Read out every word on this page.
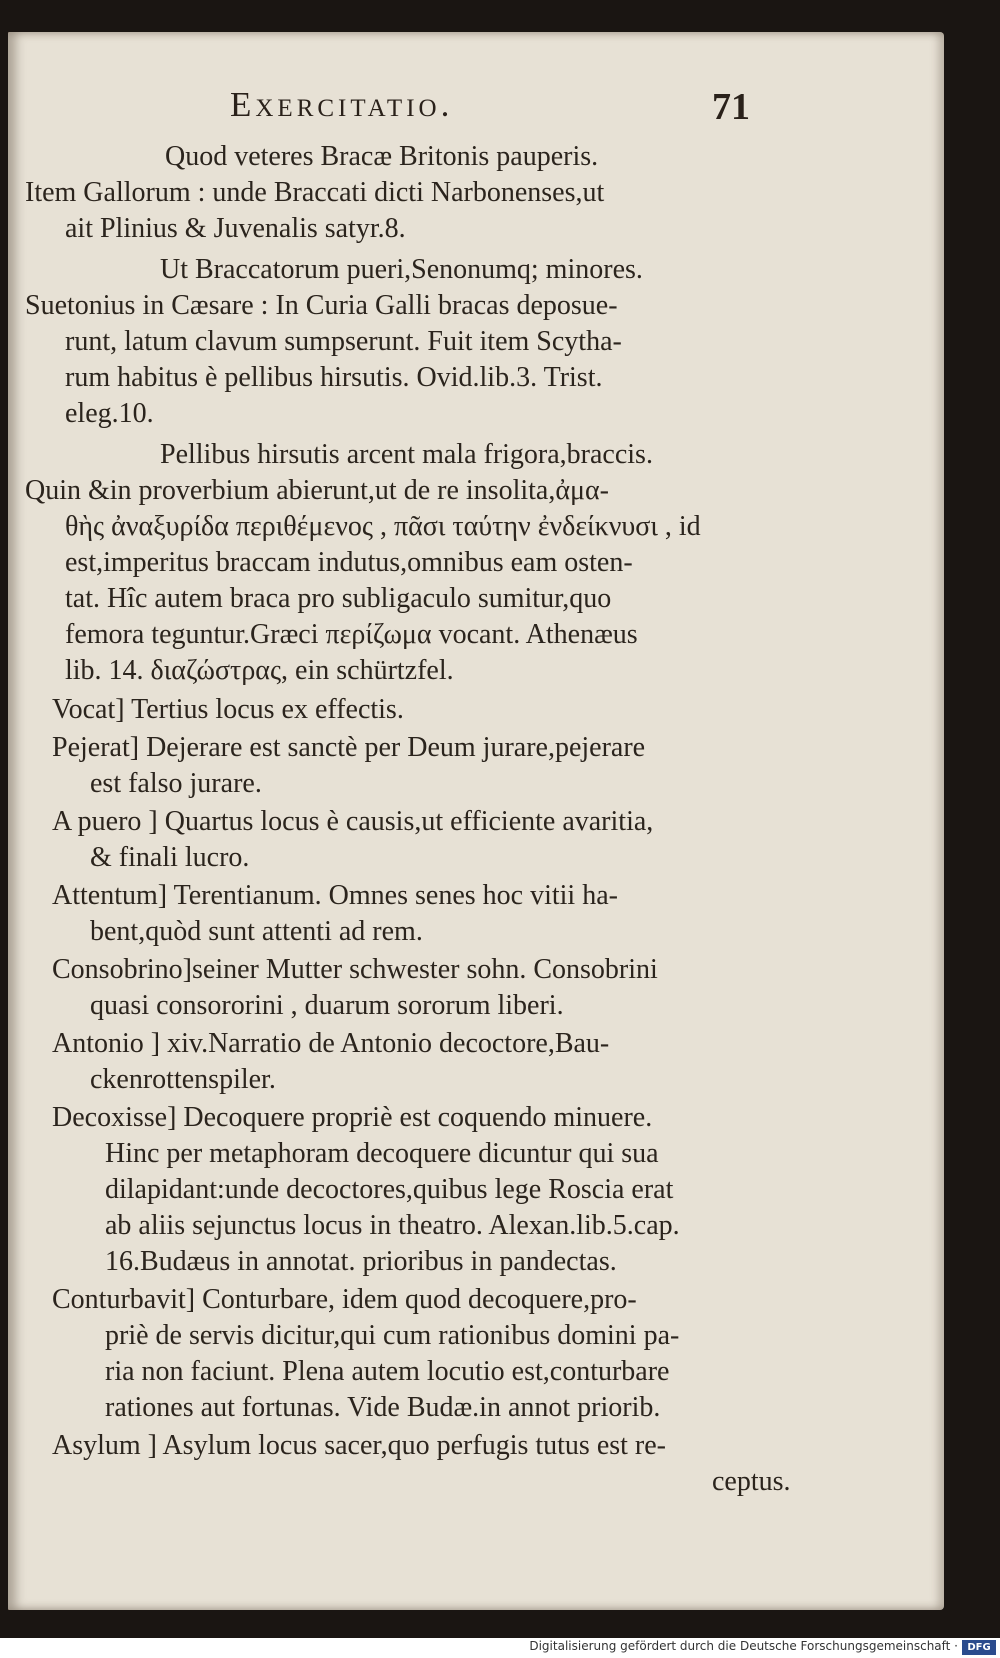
Exercitatio.	71
Quod veteres Bracæ Britonis pauperis.
Item Gallorum : unde Braccati dicti Narbonenses,ut
ait Plinius & Juvenalis satyr.8.
Ut Braccatorum pueri,Senonumq; minores.
Suetonius in Cæsare : In Curia Galli bracas deposue-
runt, latum clavum sumpserunt. Fuit item Scytha-
rum habitus è pellibus hirsutis. Ovid.lib.3. Trist.
eleg.10.
Pellibus hirsutis arcent mala frigora,braccis.
Quin &in proverbium abierunt,ut de re insolita,ἀμα-
θὴς ἀναξυρίδα περιθέμενος , πᾶσι ταύτην ἐνδείκνυσι , id
est,imperitus braccam indutus,omnibus eam osten-
tat. Hîc autem braca pro subligaculo sumitur,quo
femora teguntur.Græci περίζωμα vocant. Athenæus
lib. 14. διαζώστρας, ein schürtzfel.
Vocat] Tertius locus ex effectis.
Pejerat] Dejerare est sanctè per Deum jurare,pejerare
est falso jurare.
A puero ] Quartus locus è causis,ut efficiente avaritia,
& finali lucro.
Attentum] Terentianum. Omnes senes hoc vitii ha-
bent,quòd sunt attenti ad rem.
Consobrino]seiner Mutter schwester sohn. Consobrini
quasi consororini , duarum sororum liberi.
Antonio ] xiv.Narratio de Antonio decoctore,Bau-
ckenrottenspiler.
Decoxisse] Decoquere propriè est coquendo minuere.
Hinc per metaphoram decoquere dicuntur qui sua
dilapidant:unde decoctores,quibus lege Roscia erat
ab aliis sejunctus locus in theatro. Alexan.lib.5.cap.
16.Budæus in annotat. prioribus in pandectas.
Conturbavit] Conturbare, idem quod decoquere,pro-
priè de servis dicitur,qui cum rationibus domini pa-
ria non faciunt. Plena autem locutio est,conturbare
rationes aut fortunas. Vide Budæ.in annot priorib.
Asylum ] Asylum locus sacer,quo perfugis tutus est re-
ceptus.
Digitalisierung gefördert durch die Deutsche Forschungsgemeinschaft · DFG
